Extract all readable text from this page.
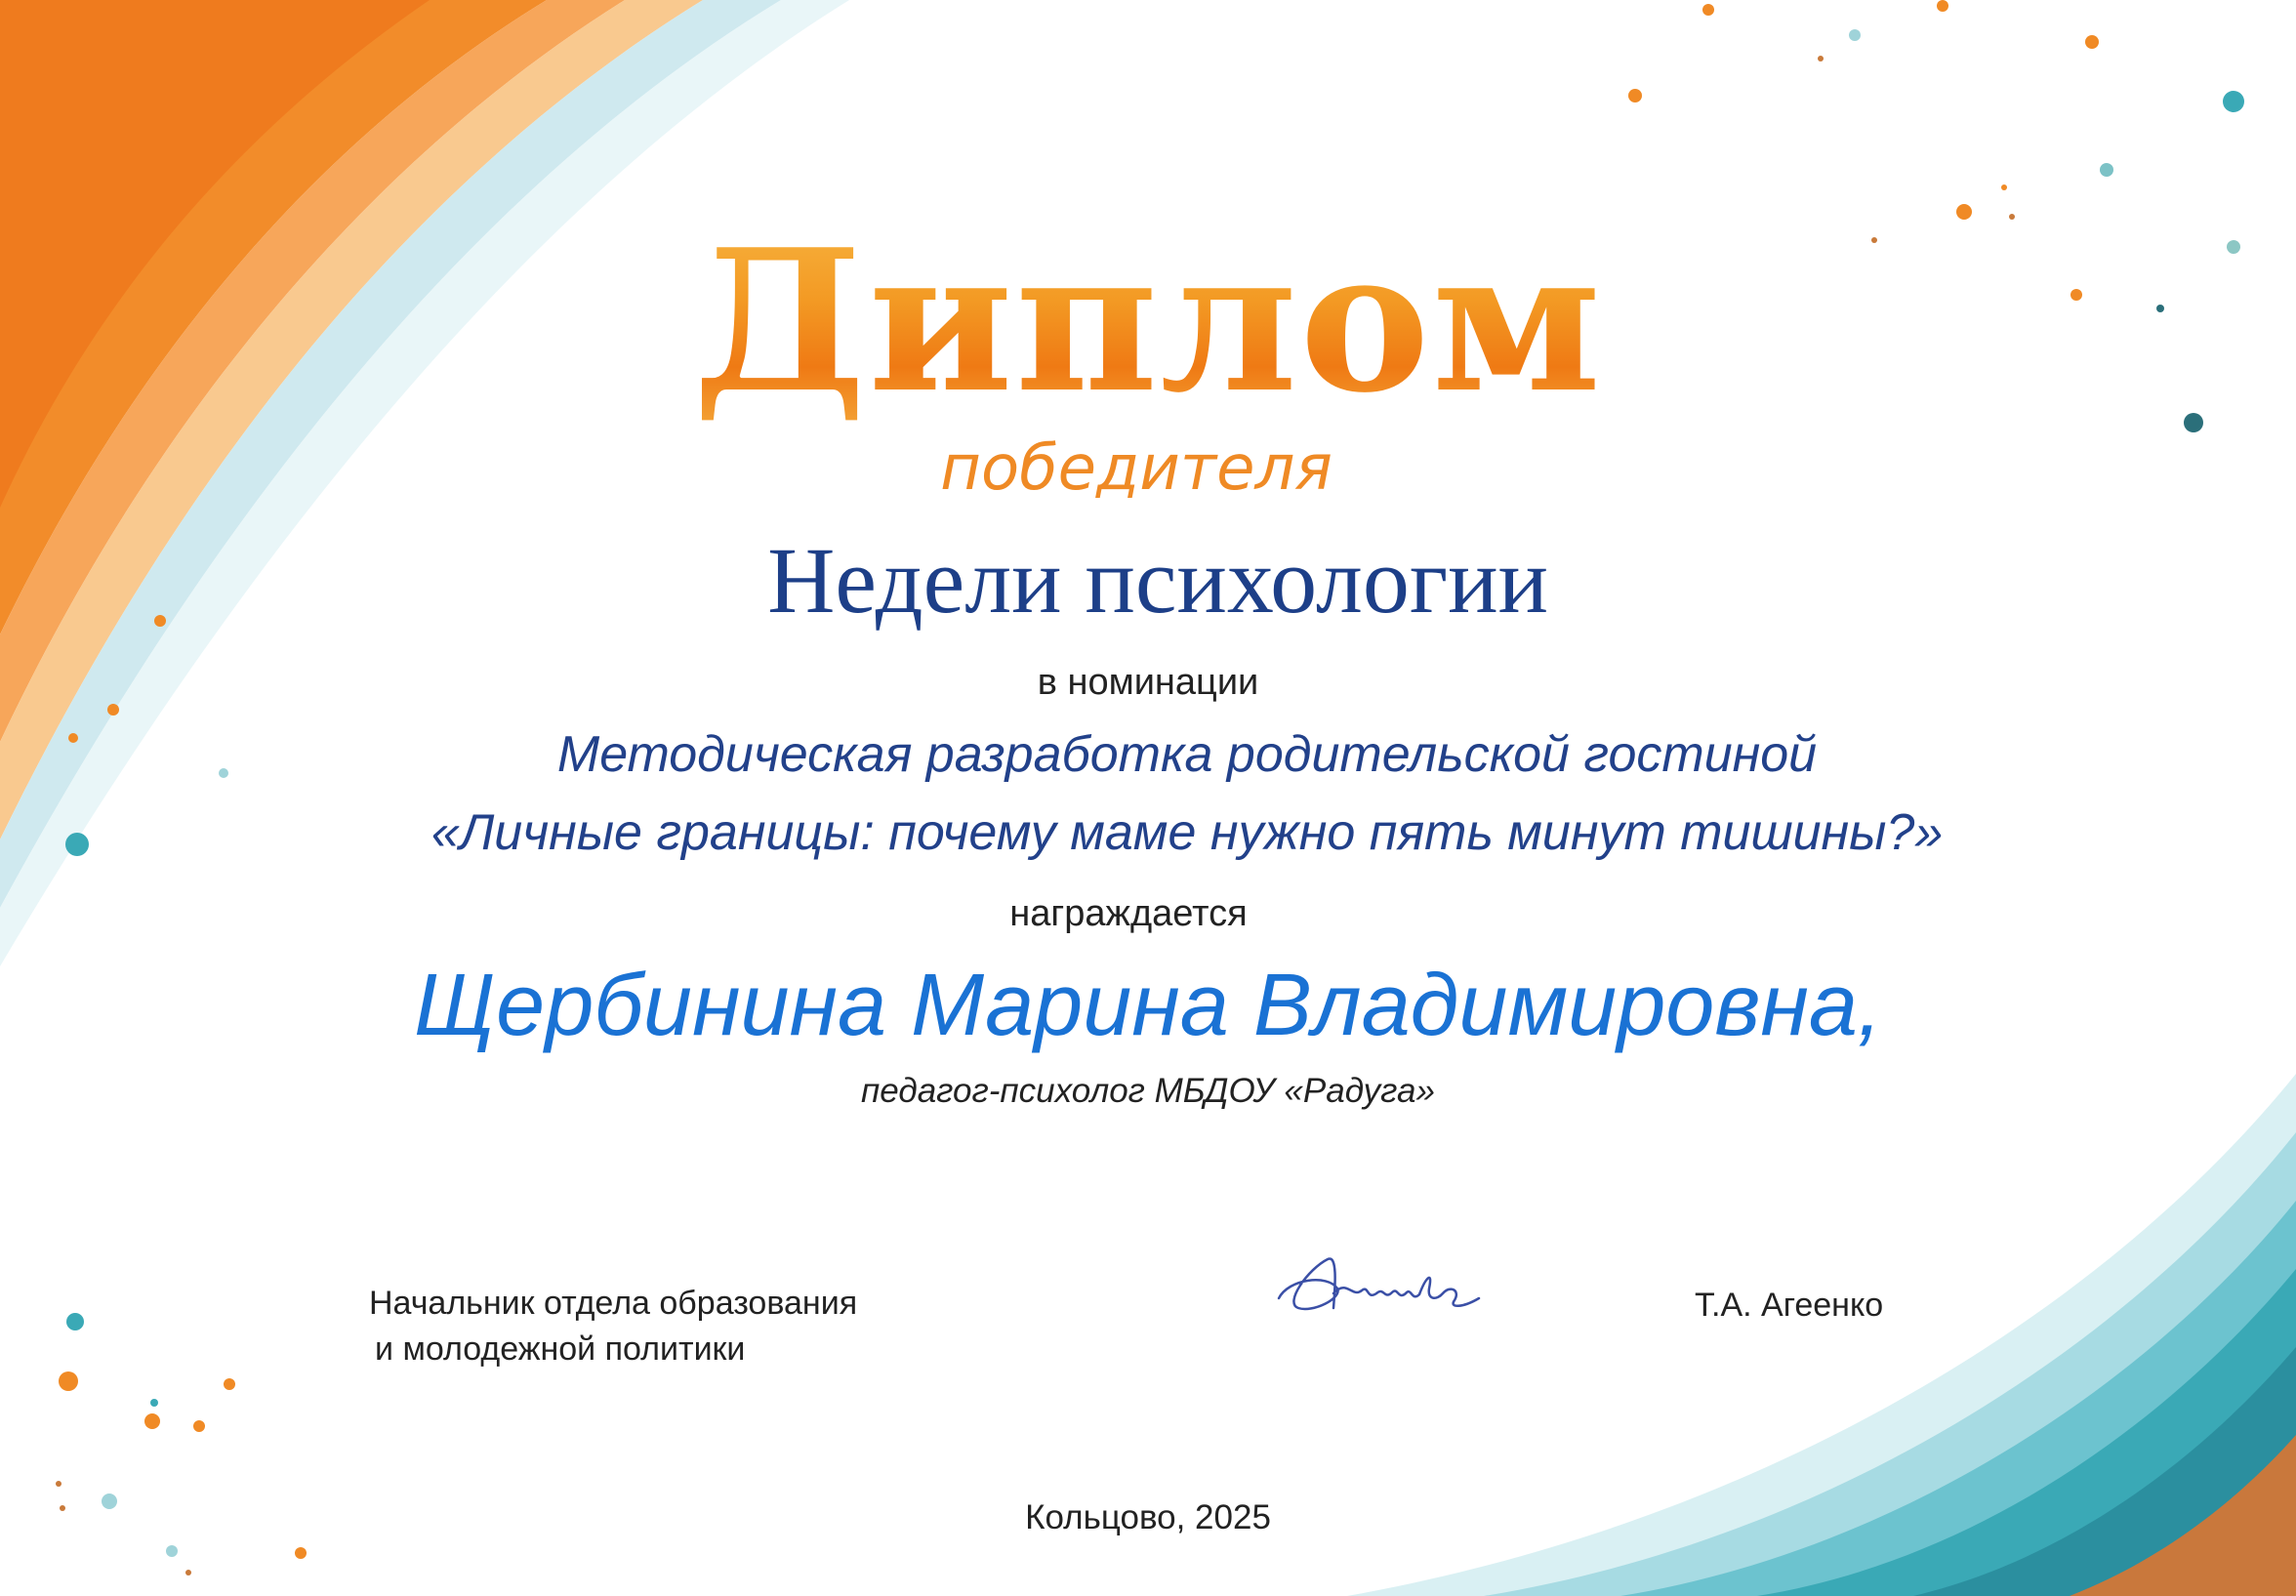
Диплом
победителя
Недели психологии
в номинации
Методическая разработка родительской гостиной
«Личные границы: почему маме нужно пять минут тишины?»
награждается
Щербинина Марина Владимировна,
педагог-психолог МБДОУ «Радуга»
Начальник отдела образования
и молодежной политики
Т.А. Агеенко
Кольцово, 2025
